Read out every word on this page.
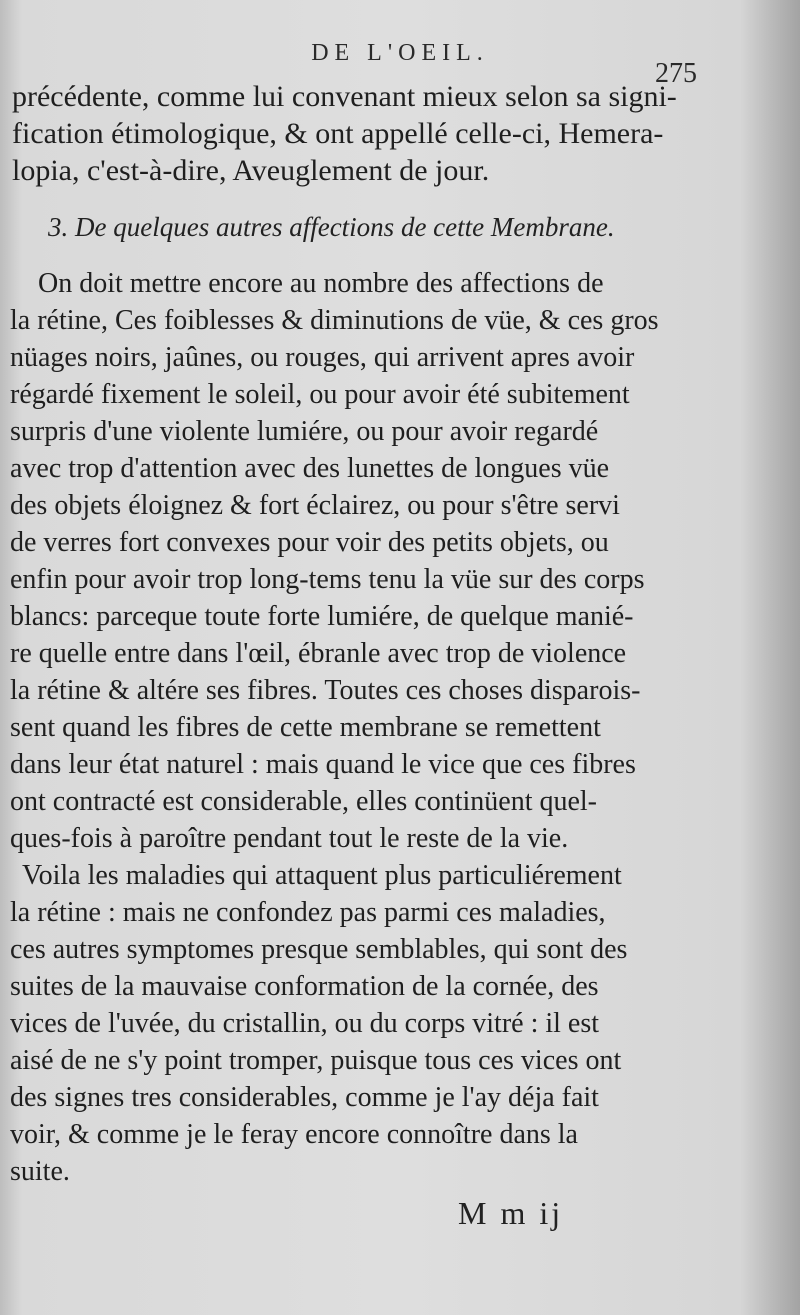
DE L'OEIL.
275
précédente, comme lui convenant mieux selon sa signi-
fication étimologique, & ont appellé celle-ci, Hemera-
lopia, c'est-à-dire, Aveuglement de jour.
3. De quelques autres affections de cette Membrane.
On doit mettre encore au nombre des affections de
la rétine, Ces foiblesses & diminutions de vüe, & ces gros
nüages noirs, jaûnes, ou rouges, qui arrivent apres avoir
régardé fixement le soleil, ou pour avoir été subitement
surpris d'une violente lumiére, ou pour avoir regardé
avec trop d'attention avec des lunettes de longues vüe
des objets éloignez & fort éclairez, ou pour s'être servi
de verres fort convexes pour voir des petits objets, ou
enfin pour avoir trop long-tems tenu la vüe sur des corps
blancs: parceque toute forte lumiére, de quelque manié-
re quelle entre dans l'œil, ébranle avec trop de violence
la rétine & altére ses fibres. Toutes ces choses disparois-
sent quand les fibres de cette membrane se remettent
dans leur état naturel : mais quand le vice que ces fibres
ont contracté est considerable, elles continüent quel-
ques-fois à paroître pendant tout le reste de la vie.
Voila les maladies qui attaquent plus particuliérement
la rétine : mais ne confondez pas parmi ces maladies,
ces autres symptomes presque semblables, qui sont des
suites de la mauvaise conformation de la cornée, des
vices de l'uvée, du cristallin, ou du corps vitré : il est
aisé de ne s'y point tromper, puisque tous ces vices ont
des signes tres considerables, comme je l'ay déja fait
voir, & comme je le feray encore connoître dans la
suite.
M m ij
